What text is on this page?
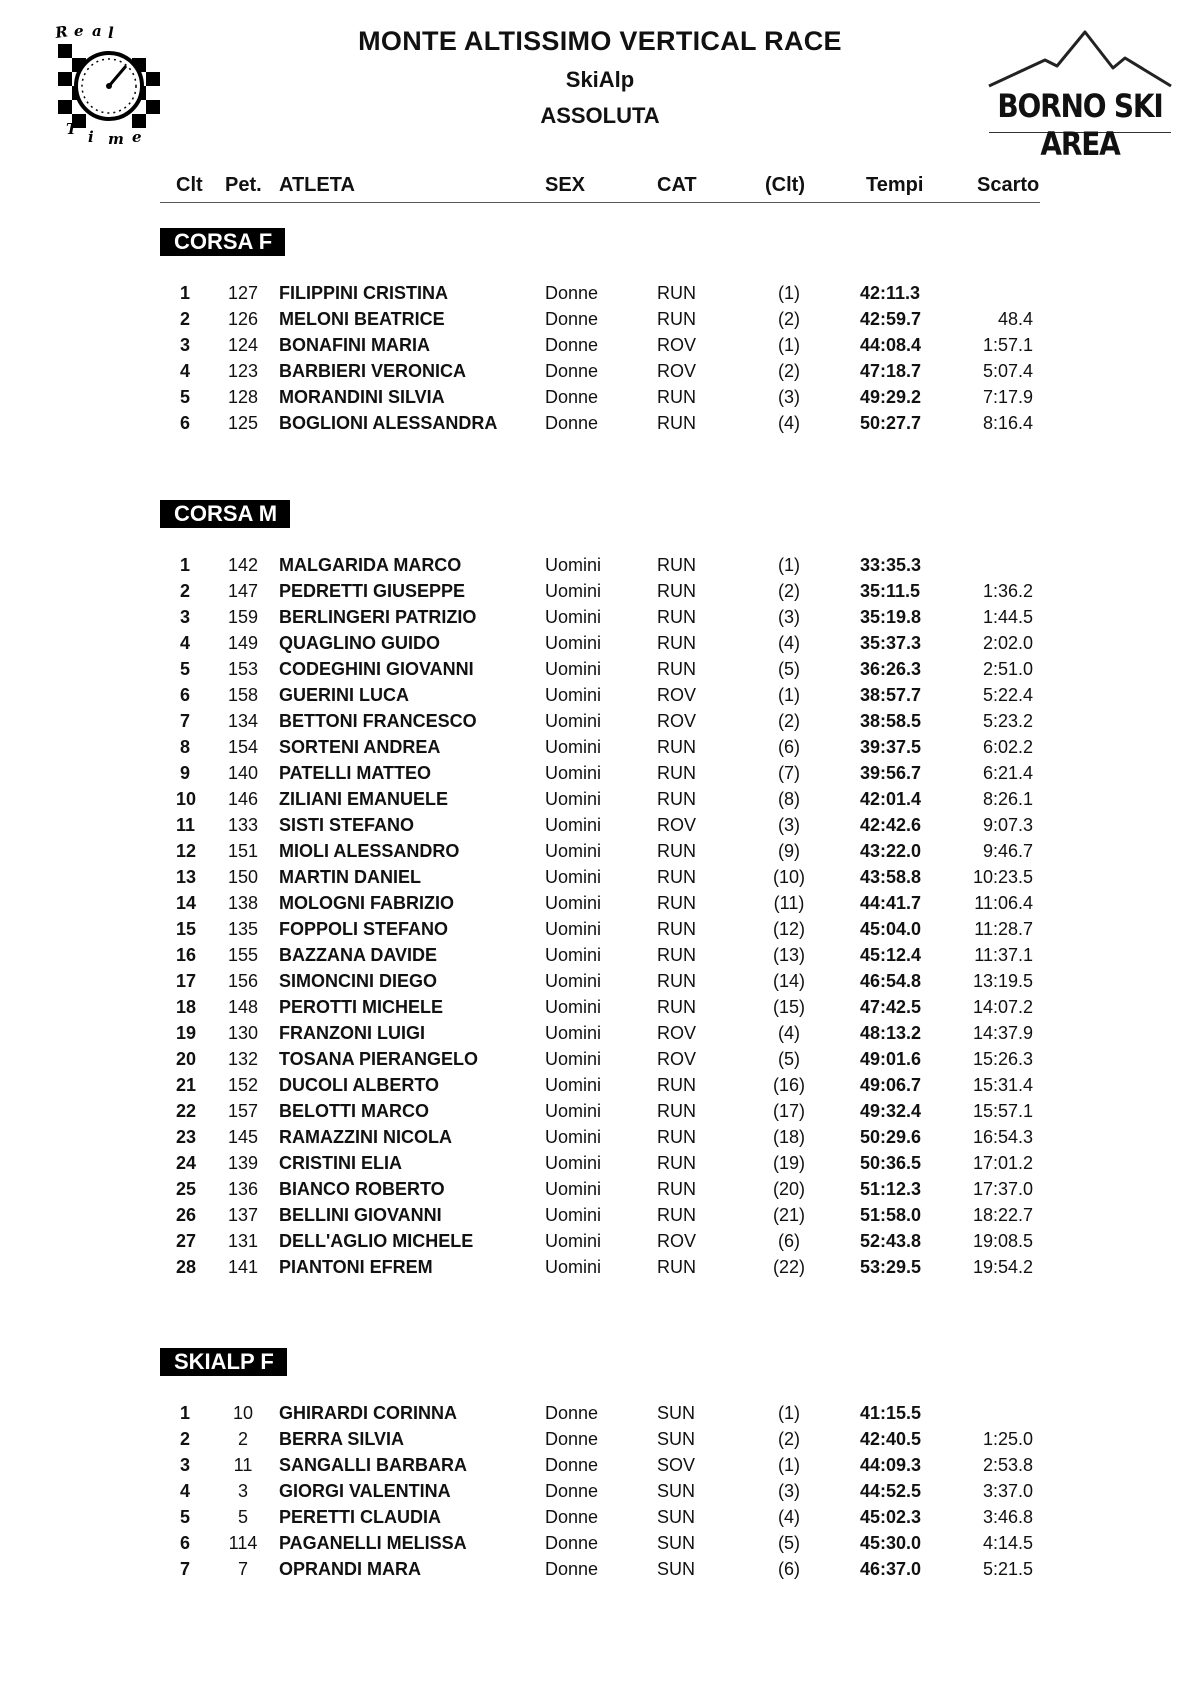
R e a l
T i m e
MONTE ALTISSIMO VERTICAL RACE
SkiAlp
ASSOLUTA	BORNO SKI AREA
Clt Pet. ATLETA	SEX	CAT	(Clt)	Tempi	Scarto
CORSA F
1 127 FILIPPINI CRISTINA	Donne	RUN	(1)	42:11.3
2 126 MELONI BEATRICE	Donne	RUN	(2)	42:59.7	48.4
3 124 BONAFINI MARIA	Donne	ROV	(1)	44:08.4	1:57.1
4 123 BARBIERI VERONICA	Donne	ROV	(2)	47:18.7	5:07.4
5 128 MORANDINI SILVIA	Donne	RUN	(3)	49:29.2	7:17.9
6 125 BOGLIONI ALESSANDRA	Donne	RUN	(4)	50:27.7	8:16.4
CORSA M
1 142 MALGARIDA MARCO	Uomini	RUN	(1)	33:35.3
2 147 PEDRETTI GIUSEPPE	Uomini	RUN	(2)	35:11.5	1:36.2
3 159 BERLINGERI PATRIZIO	Uomini	RUN	(3)	35:19.8	1:44.5
4 149 QUAGLINO GUIDO	Uomini	RUN	(4)	35:37.3	2:02.0
5 153 CODEGHINI GIOVANNI	Uomini	RUN	(5)	36:26.3	2:51.0
6 158 GUERINI LUCA	Uomini	ROV	(1)	38:57.7	5:22.4
7 134 BETTONI FRANCESCO	Uomini	ROV	(2)	38:58.5	5:23.2
8 154 SORTENI ANDREA	Uomini	RUN	(6)	39:37.5	6:02.2
9 140 PATELLI MATTEO	Uomini	RUN	(7)	39:56.7	6:21.4
10 146 ZILIANI EMANUELE	Uomini	RUN	(8)	42:01.4	8:26.1
11 133 SISTI STEFANO	Uomini	ROV	(3)	42:42.6	9:07.3
12 151 MIOLI ALESSANDRO	Uomini	RUN	(9)	43:22.0	9:46.7
13 150 MARTIN DANIEL	Uomini	RUN	(10)	43:58.8	10:23.5
14 138 MOLOGNI FABRIZIO	Uomini	RUN	(11)	44:41.7	11:06.4
15 135 FOPPOLI STEFANO	Uomini	RUN	(12)	45:04.0	11:28.7
16 155 BAZZANA DAVIDE	Uomini	RUN	(13)	45:12.4	11:37.1
17 156 SIMONCINI DIEGO	Uomini	RUN	(14)	46:54.8	13:19.5
18 148 PEROTTI MICHELE	Uomini	RUN	(15)	47:42.5	14:07.2
19 130 FRANZONI LUIGI	Uomini	ROV	(4)	48:13.2	14:37.9
20 132 TOSANA PIERANGELO	Uomini	ROV	(5)	49:01.6	15:26.3
21 152 DUCOLI ALBERTO	Uomini	RUN	(16)	49:06.7	15:31.4
22 157 BELOTTI MARCO	Uomini	RUN	(17)	49:32.4	15:57.1
23 145 RAMAZZINI NICOLA	Uomini	RUN	(18)	50:29.6	16:54.3
24 139 CRISTINI ELIA	Uomini	RUN	(19)	50:36.5	17:01.2
25 136 BIANCO ROBERTO	Uomini	RUN	(20)	51:12.3	17:37.0
26 137 BELLINI GIOVANNI	Uomini	RUN	(21)	51:58.0	18:22.7
27 131 DELL'AGLIO MICHELE	Uomini	ROV	(6)	52:43.8	19:08.5
28 141 PIANTONI EFREM	Uomini	RUN	(22)	53:29.5	19:54.2
SKIALP F
1	10	GHIRARDI CORINNA	Donne	SUN	(1)	41:15.5
2	2	BERRA SILVIA	Donne	SUN	(2)	42:40.5	1:25.0
3	11	SANGALLI BARBARA	Donne	SOV	(1)	44:09.3	2:53.8
4	3	GIORGI VALENTINA	Donne	SUN	(3)	44:52.5	3:37.0
5	5	PERETTI CLAUDIA	Donne	SUN	(4)	45:02.3	3:46.8
6 114 PAGANELLI MELISSA	Donne	SUN	(5)	45:30.0	4:14.5
7	7	OPRANDI MARA	Donne	SUN	(6)	46:37.0	5:21.5
